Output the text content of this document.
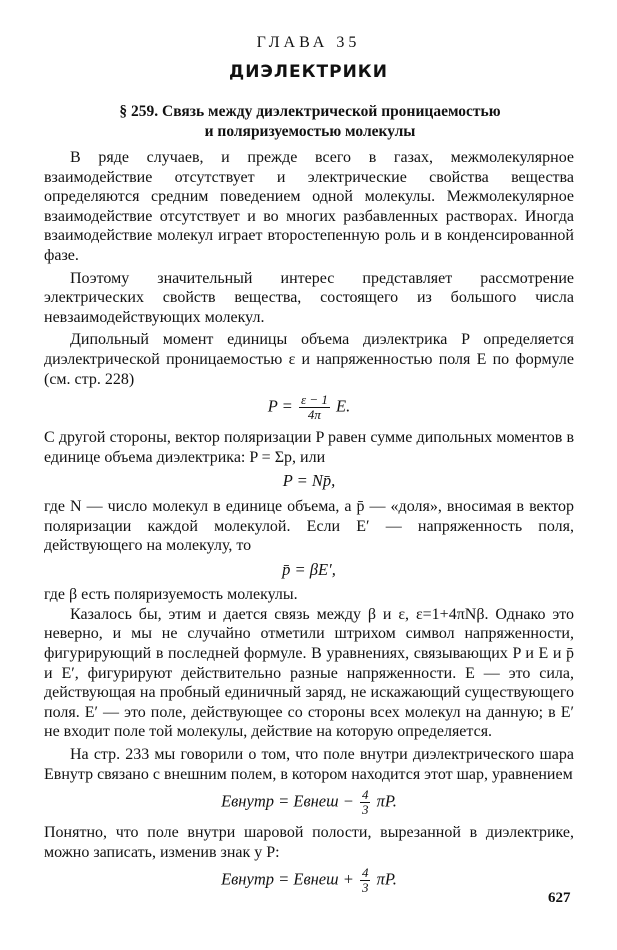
ГЛАВА 35
ДИЭЛЕКТРИКИ
§ 259. Связь между диэлектрической проницаемостью
и поляризуемостью молекулы

В ряде случаев, и прежде всего в газах, межмолекулярное взаимодействие отсутствует и электрические свойства вещества определяются средним поведением одной молекулы. Межмолекулярное взаимодействие отсутствует и во многих разбавленных растворах. Иногда взаимодействие молекул играет второстепенную роль и в конденсированной фазе.

Поэтому значительный интерес представляет рассмотрение электрических свойств вещества, состоящего из большого числа невзаимодействующих молекул.

Дипольный момент единицы объема диэлектрика P определяется диэлектрической проницаемостью ε и напряженностью поля E по формуле (см. стр. 228)

$P = \frac{\varepsilon - 1}{4\pi} E$.

С другой стороны, вектор поляризации P равен сумме дипольных моментов в единице объема диэлектрика: P = Σp, или

P = Np̄,

где N — число молекул в единице объема, а p̄ — «доля», вносимая в вектор поляризации каждой молекулой. Если E′ — напряженность поля, действующего на молекулу, то

p̄ = βE′,

где β есть поляризуемость молекулы.

Казалось бы, этим и дается связь между β и ε, ε=1+4πNβ. Однако это неверно, и мы не случайно отметили штрихом символ напряженности, фигурирующий в последней формуле. В уравнениях, связывающих P и E и p̄ и E′, фигурируют действительно разные напряженности. E — это сила, действующая на пробный единичный заряд, не искажающий существующего поля. E′ — это поле, действующее со стороны всех молекул на данную; в E′ не входит поле той молекулы, действие на которую определяется.

На стр. 233 мы говорили о том, что поле внутри диэлектрического шара Eвнутр связано с внешним полем, в котором находится этот шар, уравнением

Eвнутр = Eвнеш − $\frac{4}{3} \pi P$.

Понятно, что поле внутри шаровой полости, вырезанной в диэлектрике, можно записать, изменив знак у P:

Eвнутр = Eвнеш + $\frac{4}{3} \pi P$.
627
